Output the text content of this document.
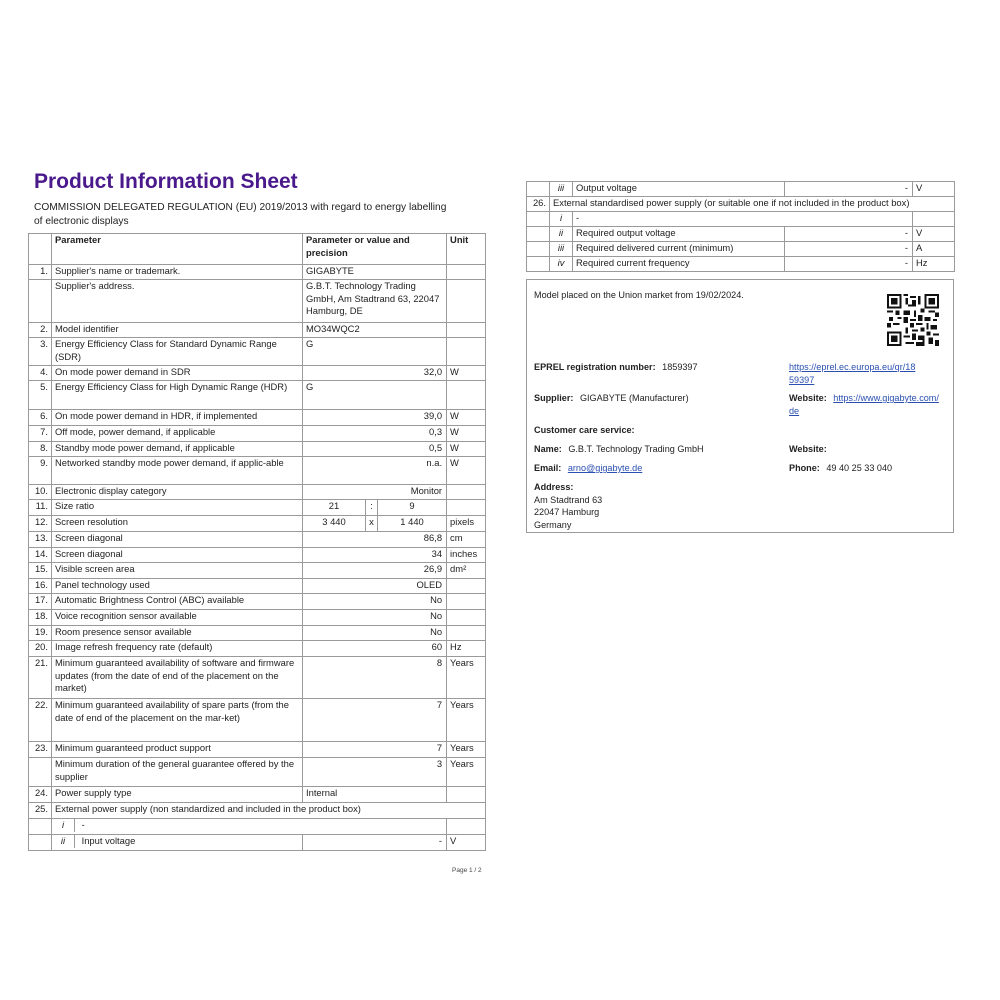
Product Information Sheet
COMMISSION DELEGATED REGULATION (EU) 2019/2013 with regard to energy labelling of electronic displays
	Parameter	Parameter or value and precision			Unit
1.	Supplier's name or trademark.	GIGABYTE			
	Supplier's address.	G.B.T. Technology Trading GmbH, Am Stadtrand 63, 22047 Hamburg, DE			
2.	Model identifier	MO34WQC2			
3.	Energy Efficiency Class for Standard Dynamic Range (SDR)	G			
4.	On mode power demand in SDR	32,0			W
5.	Energy Efficiency Class for High Dynamic Range (HDR)	G			
6.	On mode power demand in HDR, if implemented	39,0			W
7.	Off mode, power demand, if applicable	0,3			W
8.	Standby mode power demand, if applicable	0,5			W
9.	Networked standby mode power demand, if applic-able	n.a.			W
10.	Electronic display category	Monitor			
11.	Size ratio	21	:	9	
12.	Screen resolution	3 440	x	1 440	pixels
13.	Screen diagonal	86,8			cm
14.	Screen diagonal	34			inches
15.	Visible screen area	26,9			dm²
16.	Panel technology used	OLED			
17.	Automatic Brightness Control (ABC) available	No			
18.	Voice recognition sensor available	No			
19.	Room presence sensor available	No			
20.	Image refresh frequency rate (default)	60			Hz
21.	Minimum guaranteed availability of software and firmware updates (from the date of end of the placement on the market)	8			Years
22.	Minimum guaranteed availability of spare parts (from the date of end of the placement on the mar-ket)	7			Years
23.	Minimum guaranteed product support	7			Years
	Minimum duration of the general guarantee offered by the supplier	3			Years
24.	Power supply type	Internal			
25.	External power supply (non standardized and included in the product box)				
	i -				
	ii Input voltage	-			V
Page 1 / 2
	iii	Output voltage	-	V
26.	External standardised power supply (or suitable one if not included in the product box)			
	i	-		
	ii	Required output voltage	-	V
	iii	Required delivered current (minimum)	-	A
	iv	Required current frequency	-	Hz
Model placed on the Union market from 19/02/2024.
EPREL registration number: 1859397	https://eprel.ec.europa.eu/qr/18
59397
Supplier: GIGABYTE (Manufacturer)	Website: https://www.gigabyte.com/
de
Customer care service:
Name: G.B.T. Technology Trading GmbH	Website:
Email: arno@gigabyte.de	Phone: 49 40 25 33 040
Address:
Am Stadtrand 63
22047 Hamburg
Germany
